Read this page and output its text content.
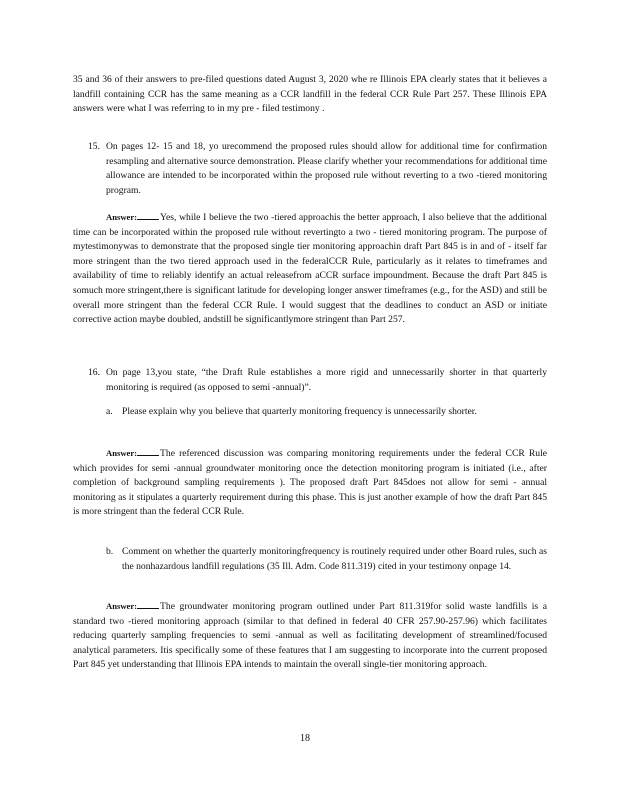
35 and 36 of their answers to pre-filed questions dated August 3, 2020 whe re Illinois EPA clearly states that it believes a landfill containing CCR has the same meaning as a CCR landfill in the federal CCR Rule Part 257. These Illinois EPA answers were what I was referring to in my pre - filed testimony .

15. On pages 12- 15 and 18, yo urecommend the proposed rules should allow for additional time for confirmation resampling and alternative source demonstration. Please clarify whether your recommendations for additional time allowance are intended to be incorporated within the proposed rule without reverting to a two -tiered monitoring program.

Answer: Yes, while I believe the two -tiered approachis the better approach, I also believe that the additional time can be incorporated within the proposed rule without revertingto a two - tiered monitoring program. The purpose of mytestimonywas to demonstrate that the proposed single tier monitoring approachin draft Part 845 is in and of - itself far more stringent than the two tiered approach used in the federalCCR Rule, particularly as it relates to timeframes and availability of time to reliably identify an actual releasefrom aCCR surface impoundment. Because the draft Part 845 is somuch more stringent,there is significant latitude for developing longer answer timeframes (e.g., for the ASD) and still be overall more stringent than the federal CCR Rule. I would suggest that the deadlines to conduct an ASD or initiate corrective action maybe doubled, andstill be significantlymore stringent than Part 257.

16. On page 13,you state, “the Draft Rule establishes a more rigid and unnecessarily shorter in that quarterly monitoring is required (as opposed to semi -annual)”.

a. Please explain why you believe that quarterly monitoring frequency is unnecessarily shorter.

Answer: The referenced discussion was comparing monitoring requirements under the federal CCR Rule which provides for semi -annual groundwater monitoring once the detection monitoring program is initiated (i.e., after completion of background sampling requirements ). The proposed draft Part 845does not allow for semi - annual monitoring as it stipulates a quarterly requirement during this phase. This is just another example of how the draft Part 845 is more stringent than the federal CCR Rule.

b. Comment on whether the quarterly monitoringfrequency is routinely required under other Board rules, such as the nonhazardous landfill regulations (35 Ill. Adm. Code 811.319) cited in your testimony onpage 14.

Answer: The groundwater monitoring program outlined under Part 811.319for solid waste landfills is a standard two -tiered monitoring approach (similar to that defined in federal 40 CFR 257.90-257.96) which facilitates reducing quarterly sampling frequencies to semi -annual as well as facilitating development of streamlined/focused analytical parameters. Itis specifically some of these features that I am suggesting to incorporate into the current proposed Part 845 yet understanding that Illinois EPA intends to maintain the overall single-tier monitoring approach.

18
